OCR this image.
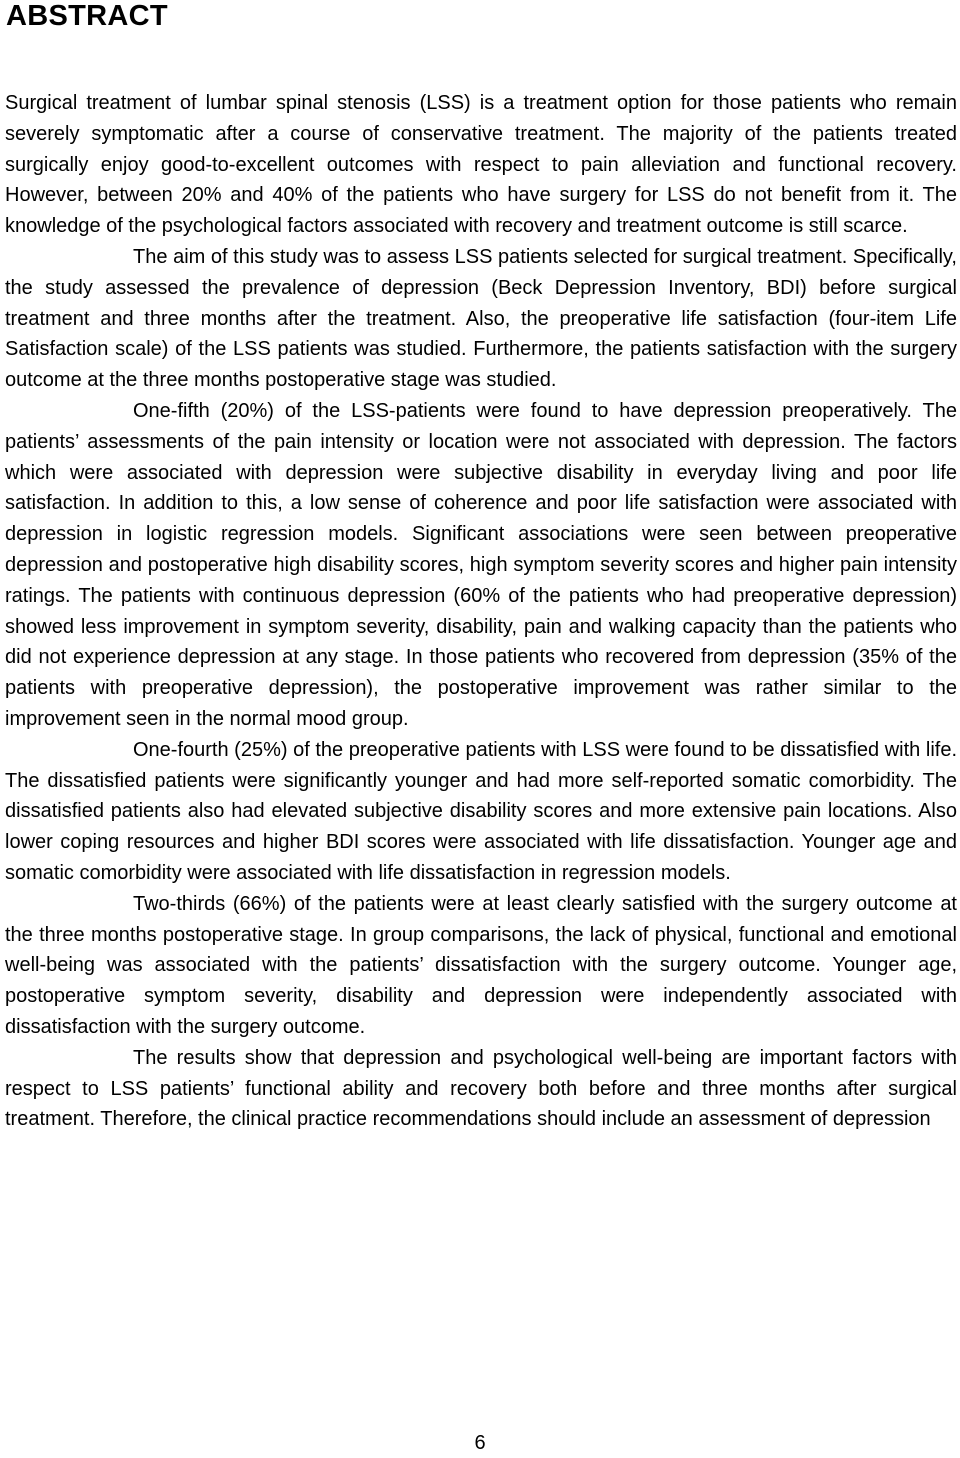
ABSTRACT

Surgical treatment of lumbar spinal stenosis (LSS) is a treatment option for those patients who remain severely symptomatic after a course of conservative treatment. The majority of the patients treated surgically enjoy good-to-excellent outcomes with respect to pain alleviation and functional recovery. However, between 20% and 40% of the patients who have surgery for LSS do not benefit from it. The knowledge of the psychological factors associated with recovery and treatment outcome is still scarce.

The aim of this study was to assess LSS patients selected for surgical treatment. Specifically, the study assessed the prevalence of depression (Beck Depression Inventory, BDI) before surgical treatment and three months after the treatment. Also, the preoperative life satisfaction (four-item Life Satisfaction scale) of the LSS patients was studied. Furthermore, the patients satisfaction with the surgery outcome at the three months postoperative stage was studied.

One-fifth (20%) of the LSS-patients were found to have depression preoperatively. The patients’ assessments of the pain intensity or location were not associated with depression. The factors which were associated with depression were subjective disability in everyday living and poor life satisfaction. In addition to this, a low sense of coherence and poor life satisfaction were associated with depression in logistic regression models. Significant associations were seen between preoperative depression and postoperative high disability scores, high symptom severity scores and higher pain intensity ratings. The patients with continuous depression (60% of the patients who had preoperative depression) showed less improvement in symptom severity, disability, pain and walking capacity than the patients who did not experience depression at any stage. In those patients who recovered from depression (35% of the patients with preoperative depression), the postoperative improvement was rather similar to the improvement seen in the normal mood group.

One-fourth (25%) of the preoperative patients with LSS were found to be dissatisfied with life. The dissatisfied patients were significantly younger and had more self-reported somatic comorbidity. The dissatisfied patients also had elevated subjective disability scores and more extensive pain locations. Also lower coping resources and higher BDI scores were associated with life dissatisfaction. Younger age and somatic comorbidity were associated with life dissatisfaction in regression models.

Two-thirds (66%) of the patients were at least clearly satisfied with the surgery outcome at the three months postoperative stage. In group comparisons, the lack of physical, functional and emotional well-being was associated with the patients’ dissatisfaction with the surgery outcome. Younger age, postoperative symptom severity, disability and depression were independently associated with dissatisfaction with the surgery outcome.

The results show that depression and psychological well-being are important factors with respect to LSS patients’ functional ability and recovery both before and three months after surgical treatment. Therefore, the clinical practice recommendations should include an assessment of depression

6
